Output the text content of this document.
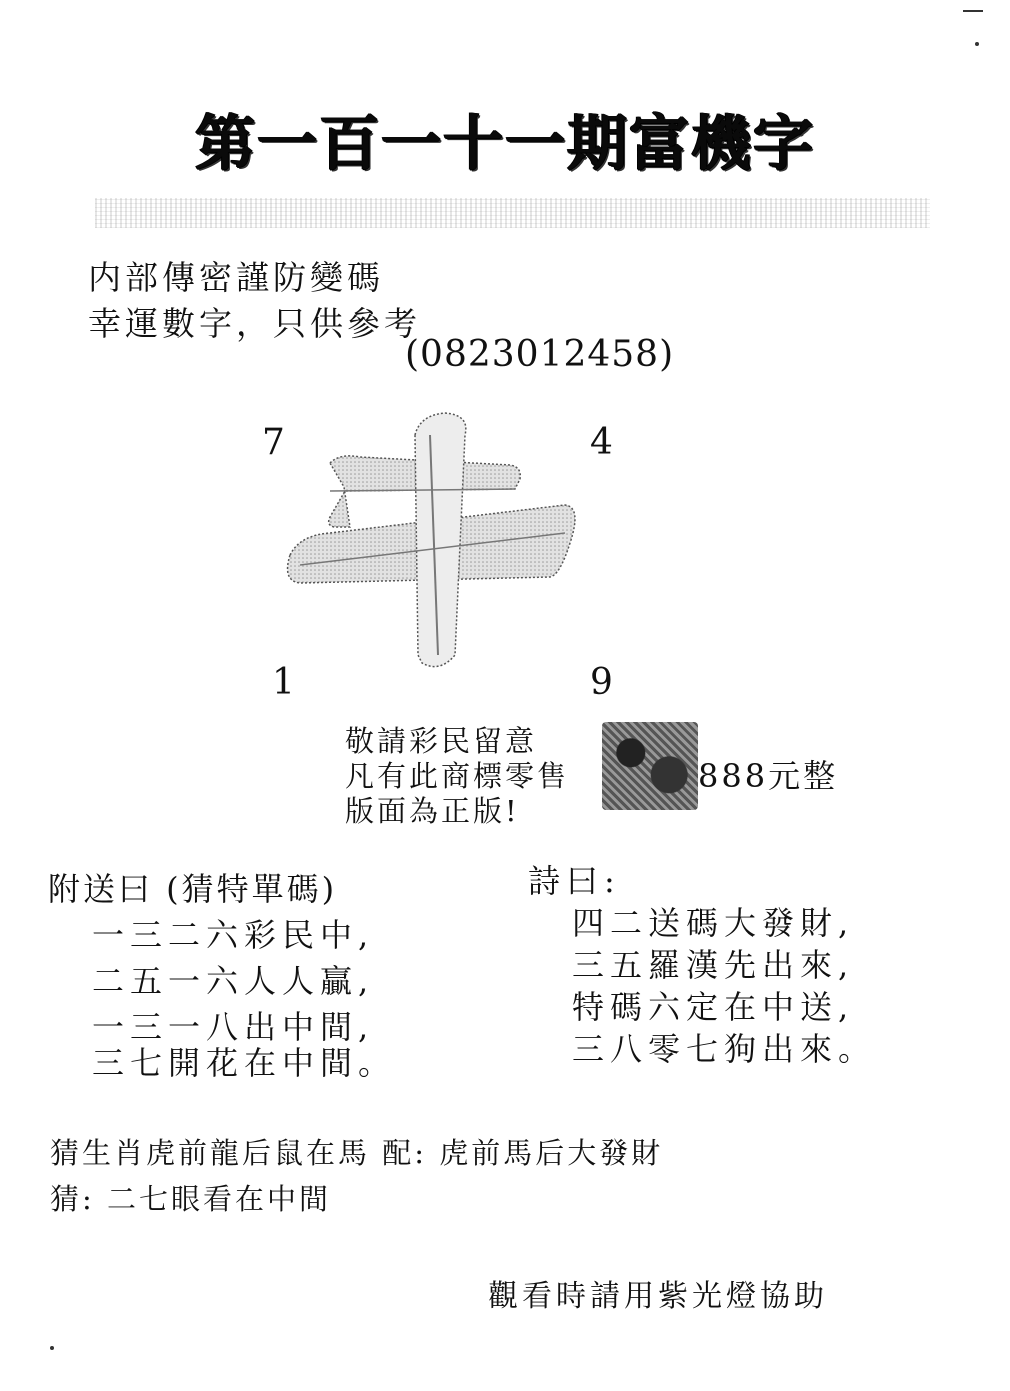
第一百一十一期富機字
内部傳密謹防變碼
幸運數字，只供參考
(0823012458)
7	4
1	9
敬請彩民留意
凡有此商標零售
版面為正版!
888元整
附送曰 (猜特單碼)
一三二六彩民中,
二五一六人人贏,
一三一八出中間,
三七開花在中間。
詩曰:
四二送碼大發財,
三五羅漢先出來,
特碼六定在中送,
三八零七狗出來。
猜生肖虎前龍后鼠在馬 配: 虎前馬后大發財
猜: 二七眼看在中間
觀看時請用紫光燈協助
